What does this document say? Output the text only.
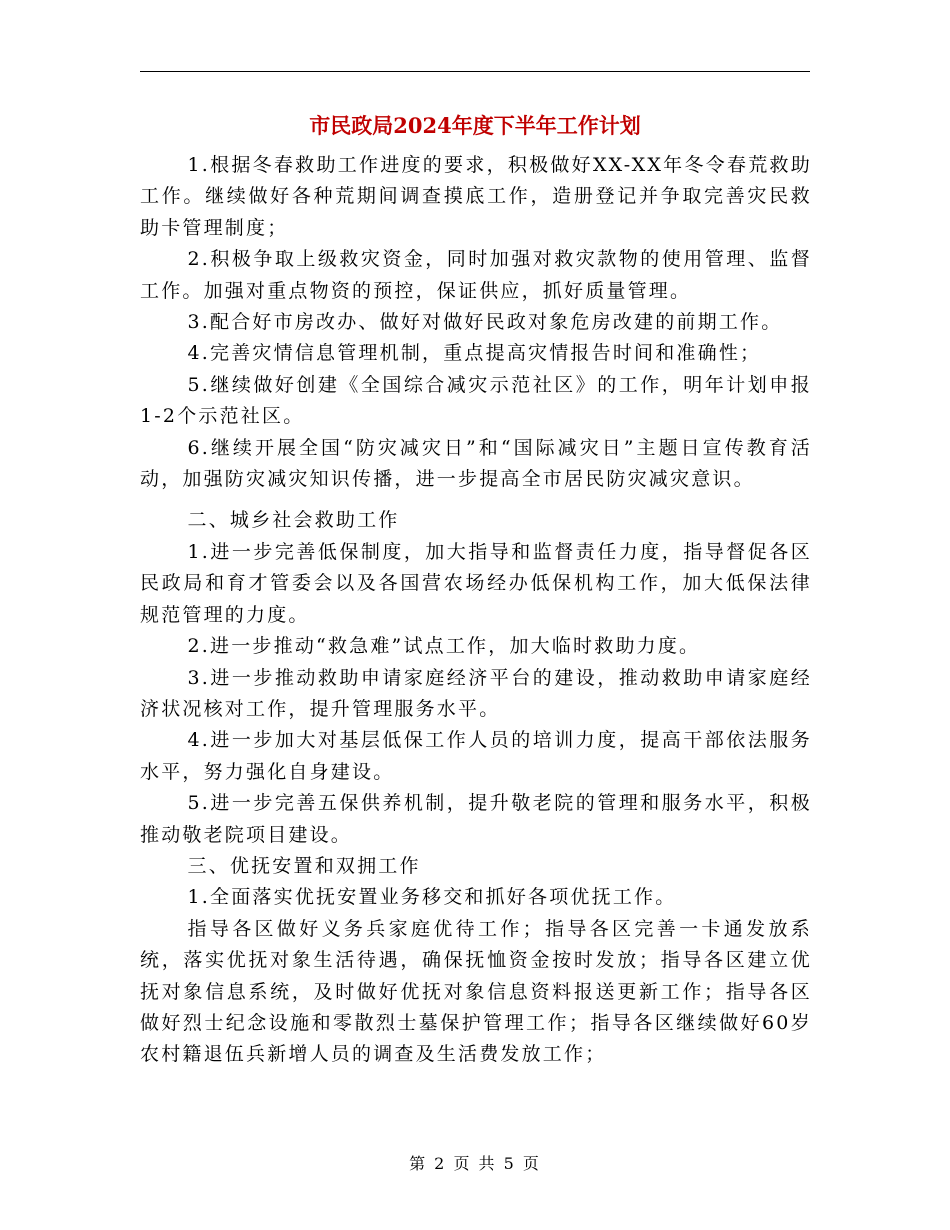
市民政局2024年度下半年工作计划

1.根据冬春救助工作进度的要求，积极做好XX-XX年冬令春荒救助工作。继续做好各种荒期间调查摸底工作，造册登记并争取完善灾民救助卡管理制度；

2.积极争取上级救灾资金，同时加强对救灾款物的使用管理、监督工作。加强对重点物资的预控，保证供应，抓好质量管理。

3.配合好市房改办、做好对做好民政对象危房改建的前期工作。

4.完善灾情信息管理机制，重点提高灾情报告时间和准确性；

5.继续做好创建《全国综合减灾示范社区》的工作，明年计划申报1-2个示范社区。

6.继续开展全国“防灾减灾日”和“国际减灾日”主题日宣传教育活动，加强防灾减灾知识传播，进一步提高全市居民防灾减灾意识。

二、城乡社会救助工作

1.进一步完善低保制度，加大指导和监督责任力度，指导督促各区民政局和育才管委会以及各国营农场经办低保机构工作，加大低保法律规范管理的力度。

2.进一步推动“救急难”试点工作，加大临时救助力度。

3.进一步推动救助申请家庭经济平台的建设，推动救助申请家庭经济状况核对工作，提升管理服务水平。

4.进一步加大对基层低保工作人员的培训力度，提高干部依法服务水平，努力强化自身建设。

5.进一步完善五保供养机制，提升敬老院的管理和服务水平，积极推动敬老院项目建设。

三、优抚安置和双拥工作

1.全面落实优抚安置业务移交和抓好各项优抚工作。

指导各区做好义务兵家庭优待工作；指导各区完善一卡通发放系统，落实优抚对象生活待遇，确保抚恤资金按时发放；指导各区建立优抚对象信息系统，及时做好优抚对象信息资料报送更新工作；指导各区做好烈士纪念设施和零散烈士墓保护管理工作；指导各区继续做好60岁农村籍退伍兵新增人员的调查及生活费发放工作；

第 2 页 共 5 页
